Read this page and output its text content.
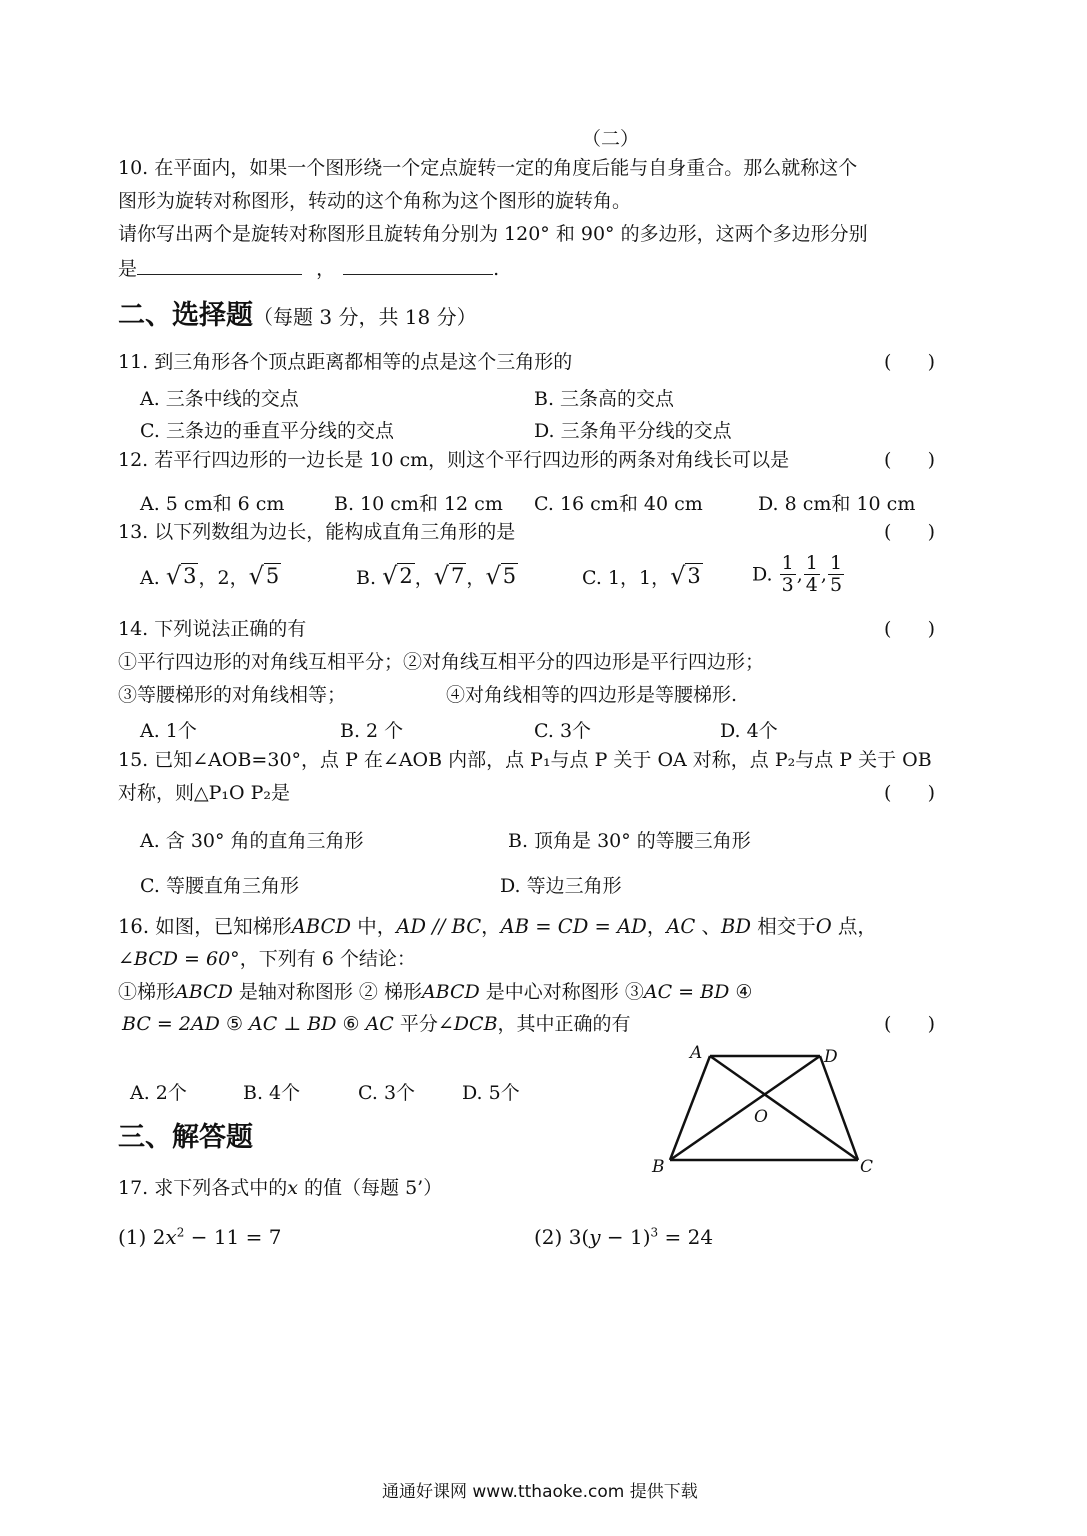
（二）
10. 在平面内，如果一个图形绕一个定点旋转一定的角度后能与自身重合。那么就称这个
图形为旋转对称图形，转动的这个角称为这个图形的旋转角。
请你写出两个是旋转对称图形且旋转角分别为 120° 和 90° 的多边形，这两个多边形分别
是	，	.
二、选择题（每题 3 分，共 18 分）
11. 到三角形各个顶点距离都相等的点是这个三角形的	(      )
A. 三条中线的交点	B. 三条高的交点
C. 三条边的垂直平分线的交点	D. 三条角平分线的交点
12. 若平行四边形的一边长是 10 cm，则这个平行四边形的两条对角线长可以是	(      )
A. 5 cm和 6 cm	B. 10 cm和 12 cm C. 16 cm和 40 cm	D. 8 cm和 10 cm
13. 以下列数组为边长，能构成直角三角形的是	(      )
A. √ 3 ，2， √ 5	B. √ 2 ， √ 7 ， √ 5	C. 1，1， √ 3	D. $\frac{1}{3}$ , $\frac{1}{4}$ , $\frac{1}{5}$
14. 下列说法正确的有	(      )
①平行四边形的对角线互相平分；②对角线互相平分的四边形是平行四边形；
③等腰梯形的对角线相等；	④对角线相等的四边形是等腰梯形.
A. 1个	B. 2 个	C. 3个	D. 4个
15. 已知∠AOB=30°，点 P 在∠AOB 内部，点 P₁与点 P 关于 OA 对称，点 P₂与点 P 关于 OB
对称，则△P₁O P₂是	(      )
A. 含 30° 角的直角三角形	B. 顶角是 30° 的等腰三角形
C. 等腰直角三角形	D. 等边三角形
16. 如图，已知梯形ABCD 中，AD // BC，AB = CD = AD，AC 、BD 相交于O 点，
∠BCD = 60°，下列有 6 个结论：
①梯形ABCD 是轴对称图形 ② 梯形ABCD 是中心对称图形 ③AC = BD ④
BC = 2AD ⑤ AC ⊥ BD ⑥ AC 平分∠DCB，其中正确的有	(      )
A. 2个	B. 4个	C. 3个 D. 5个
A	D
B	C
O
三、解答题
17. 求下列各式中的x 的值（每题 5’）
(1) $2x^2 - 11 = 7$	(2) $3(y - 1)^3 = 24$
通通好课网 www.tthaoke.com 提供下载
